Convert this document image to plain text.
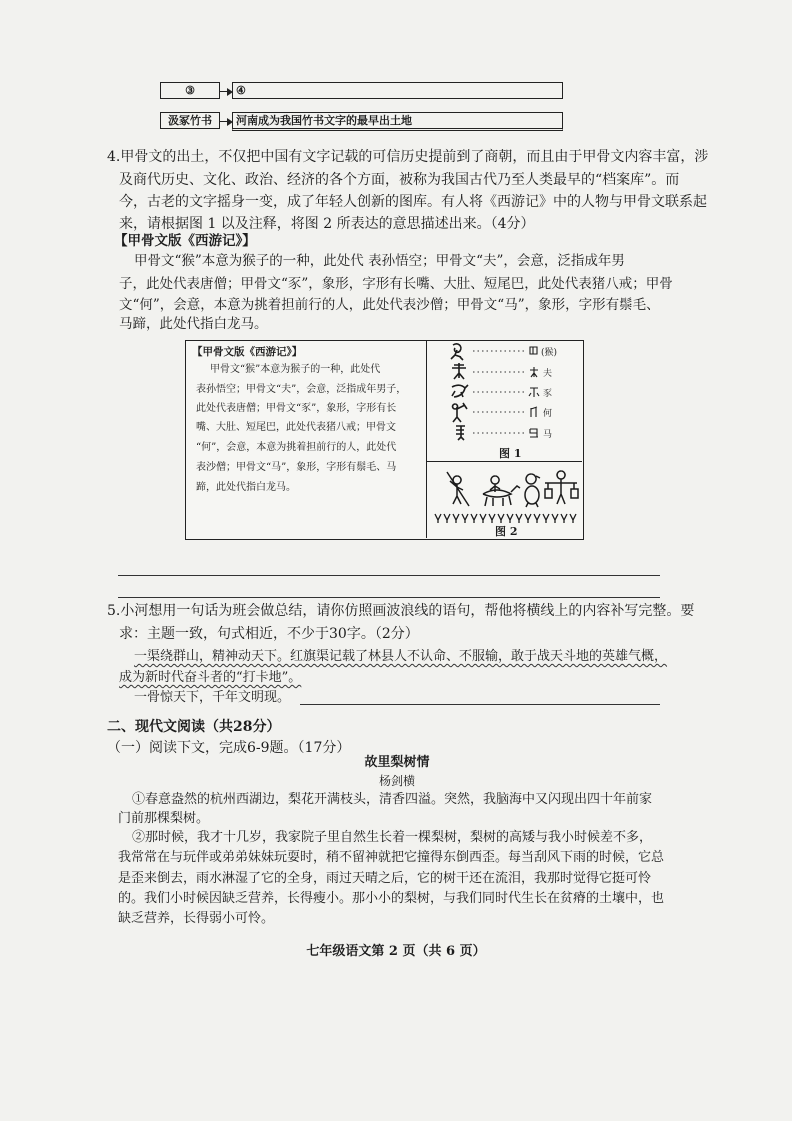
③	④
汲冢竹书	河南成为我国竹书文字的最早出土地
4.甲骨文的出土，不仅把中国有文字记载的可信历史提前到了商朝，而且由于甲骨文内容丰富，涉
及商代历史、文化、政治、经济的各个方面，被称为我国古代乃至人类最早的“档案库”。而
今，古老的文字摇身一变，成了年轻人创新的图库。有人将《西游记》中的人物与甲骨文联系起
来，请根据图 1 以及注释，将图 2 所表达的意思描述出来。（4分）
【甲骨文版《西游记》】
甲骨文“猴”本意为猴子的一种，此处代 表孙悟空；甲骨文“夫”，会意，泛指成年男
子，此处代表唐僧；甲骨文“豕”，象形，字形有长嘴、大肚、短尾巴，此处代表猪八戒；甲骨
文“何”，会意，本意为挑着担前行的人，此处代表沙僧；甲骨文“马”，象形，字形有鬃毛、
马蹄，此处代指白龙马。
【甲骨文版《西游记》】
甲骨文“猴”本意为猴子的一种，此处代
表孙悟空；甲骨文“夫”，会意，泛指成年男子，
此处代表唐僧；甲骨文“豕”，象形，字形有长
嘴、大肚、短尾巴，此处代表猪八戒；甲骨文
“何”，会意，本意为挑着担前行的人，此处代
表沙僧；甲骨文“马”，象形，字形有鬃毛、马
蹄，此处代指白龙马。
(猴)
夫
豕
何
马
图 1
图 2
5.小河想用一句话为班会做总结，请你仿照画波浪线的语句，帮他将横线上的内容补写完整。要
求：主题一致，句式相近，不少于30字。（2分）
一渠绕群山，精神动天下。红旗渠记载了林县人不认命、不服输，敢于战天斗地的英雄气概，
成为新时代奋斗者的“打卡地”。
一骨惊天下，千年文明现。
二、现代文阅读（共28分）
（一）阅读下文，完成6-9题。（17分）
故里梨树情
杨剑横
①春意盎然的杭州西湖边，梨花开满枝头，清香四溢。突然，我脑海中又闪现出四十年前家
门前那棵梨树。
②那时候，我才十几岁，我家院子里自然生长着一棵梨树，梨树的高矮与我小时候差不多，
我常常在与玩伴或弟弟妹妹玩耍时，稍不留神就把它撞得东倒西歪。每当刮风下雨的时候，它总
是歪来倒去，雨水淋湿了它的全身，雨过天晴之后，它的树干还在流泪，我那时觉得它挺可怜
的。我们小时候因缺乏营养，长得瘦小。那小小的梨树，与我们同时代生长在贫瘠的土壤中，也
缺乏营养，长得弱小可怜。
七年级语文第 2 页（共 6 页）
